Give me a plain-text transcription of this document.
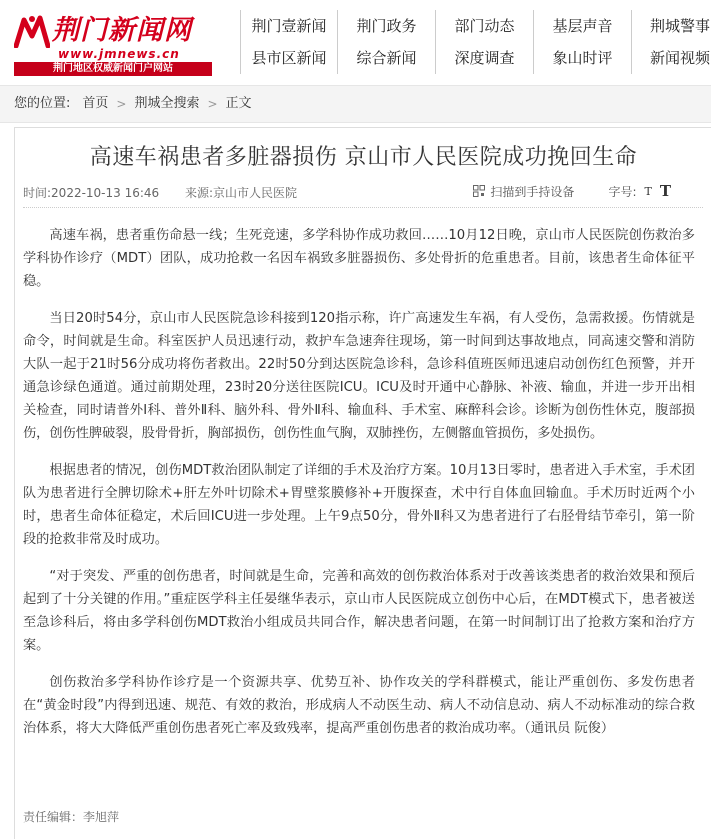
荆门新闻网
www.jmnews.cn
荆门地区权威新闻门户网站
荆门壹新闻	荆门政务	部门动态	基层声音	荆城警事
县市区新闻	综合新闻	深度调查	象山时评	新闻视频
您的位置: 首页 > 荆城全搜索 > 正文
高速车祸患者多脏器损伤 京山市人民医院成功挽回生命
时间:2022-10-13 16:46 来源:京山市人民医院	扫描到手持设备	字号: T T

高速车祸，患者重伤命悬一线；生死竞速，多学科协作成功救回……10月12日晚，京山市人民医院创伤救治多学科协作诊疗（MDT）团队，成功抢救一名因车祸致多脏器损伤、多处骨折的危重患者。目前，该患者生命体征平稳。

当日20时54分，京山市人民医院急诊科接到120指示称，许广高速发生车祸，有人受伤，急需救援。伤情就是命令，时间就是生命。科室医护人员迅速行动，救护车急速奔往现场，第一时间到达事故地点，同高速交警和消防大队一起于21时56分成功将伤者救出。22时50分到达医院急诊科，急诊科值班医师迅速启动创伤红色预警，并开通急诊绿色通道。通过前期处理，23时20分送往医院ICU。ICU及时开通中心静脉、补液、输血，并进一步开出相关检查，同时请普外Ⅰ科、普外Ⅱ科、脑外科、骨外Ⅱ科、输血科、手术室、麻醉科会诊。诊断为创伤性休克，腹部损伤，创伤性脾破裂，股骨骨折，胸部损伤，创伤性血气胸，双肺挫伤，左侧髂血管损伤，多处损伤。

根据患者的情况，创伤MDT救治团队制定了详细的手术及治疗方案。10月13日零时，患者进入手术室，手术团队为患者进行全脾切除术+肝左外叶切除术+胃壁浆膜修补+开腹探查，术中行自体血回输血。手术历时近两个小时，患者生命体征稳定，术后回ICU进一步处理。上午9点50分，骨外Ⅱ科又为患者进行了右胫骨结节牵引，第一阶段的抢救非常及时成功。

“对于突发、严重的创伤患者，时间就是生命，完善和高效的创伤救治体系对于改善该类患者的救治效果和预后起到了十分关键的作用。”重症医学科主任晏继华表示，京山市人民医院成立创伤中心后，在MDT模式下，患者被送至急诊科后，将由多学科创伤MDT救治小组成员共同合作，解决患者问题，在第一时间制订出了抢救方案和治疗方案。

创伤救治多学科协作诊疗是一个资源共享、优势互补、协作攻关的学科群模式，能让严重创伤、多发伤患者在“黄金时段”内得到迅速、规范、有效的救治，形成病人不动医生动、病人不动信息动、病人不动标准动的综合救治体系，将大大降低严重创伤患者死亡率及致残率，提高严重创伤患者的救治成功率。（通讯员 阮俊）

责任编辑：李旭萍
